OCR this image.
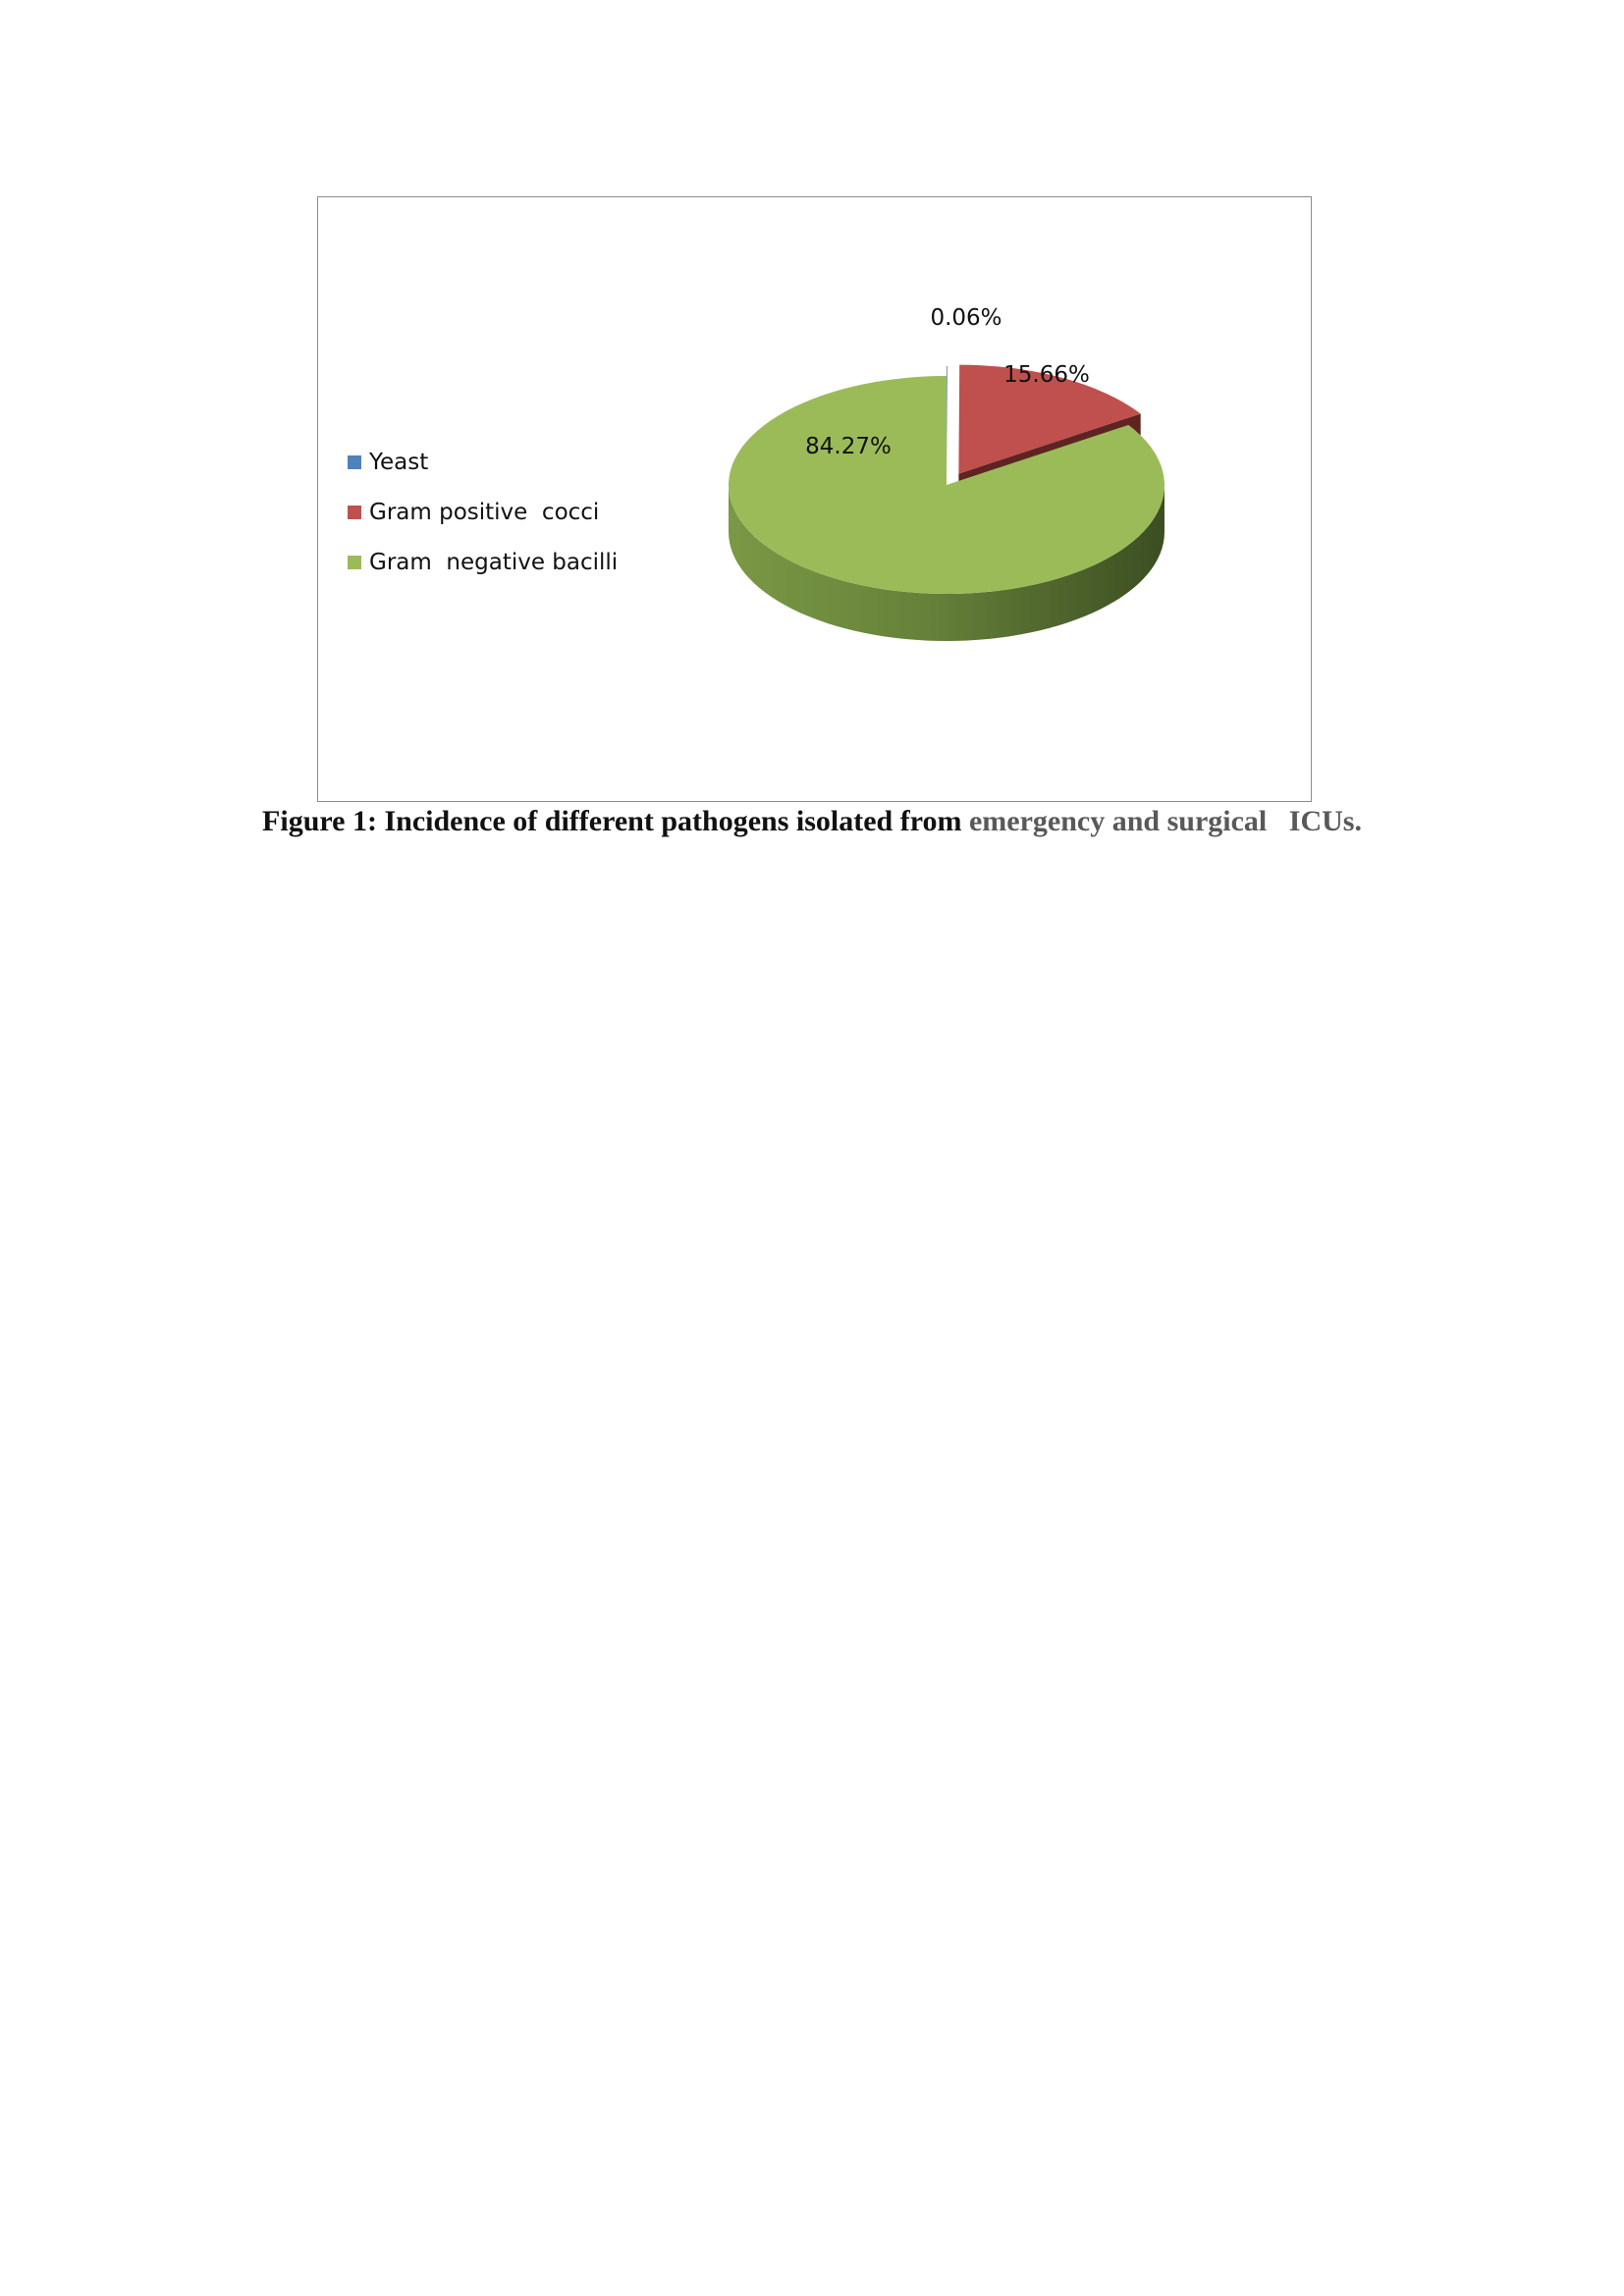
0.06%
15.66%
84.27%
Yeast
Gram positive  cocci
Gram  negative bacilli
Figure 1: Incidence of different pathogens isolated from emergency and surgical   ICUs.
